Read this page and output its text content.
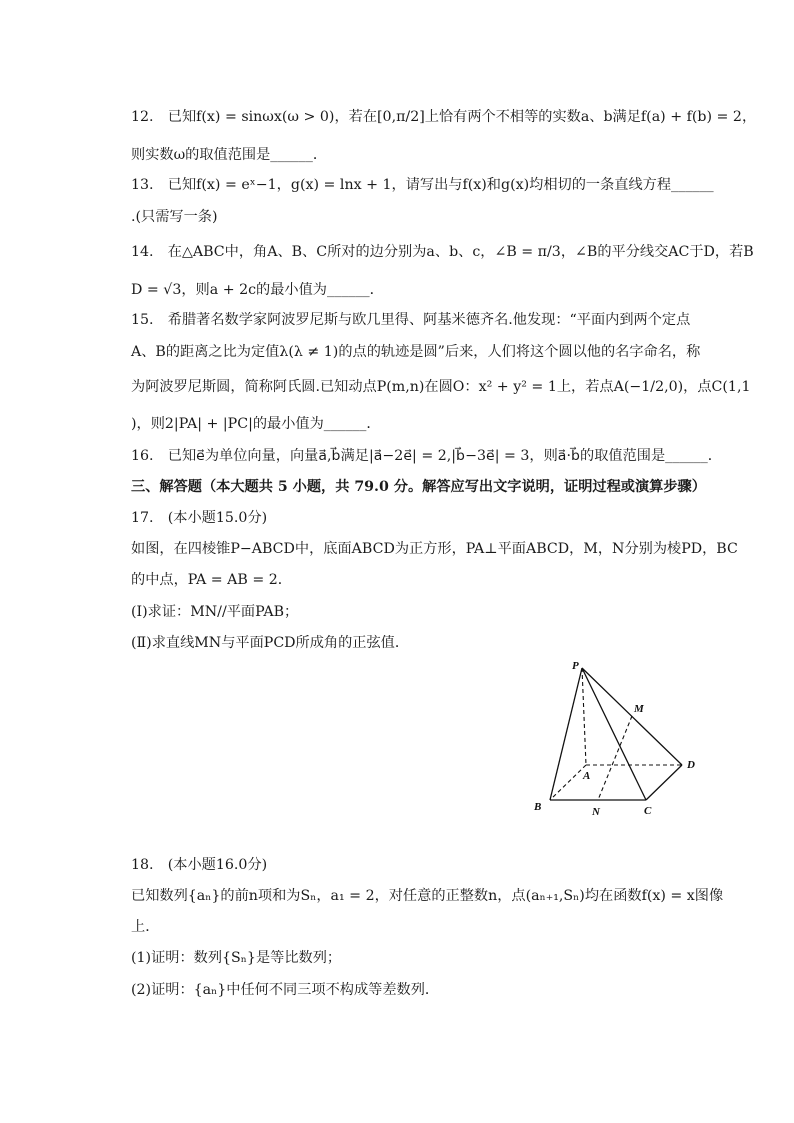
12.　已知f(x) = sinωx(ω > 0)，若在[0,π/2]上恰有两个不相等的实数a、b满足f(a) + f(b) = 2，
则实数ω的取值范围是______．
13.　已知f(x) = eˣ−1，g(x) = lnx + 1，请写出与f(x)和g(x)均相切的一条直线方程______
.(只需写一条)
14.　在△ABC中，角A、B、C所对的边分别为a、b、c，∠B = π/3，∠B的平分线交AC于D，若B
D = √3，则a + 2c的最小值为______．
15.　希腊著名数学家阿波罗尼斯与欧几里得、阿基米德齐名.他发现：“平面内到两个定点
A、B的距离之比为定值λ(λ ≠ 1)的点的轨迹是圆”后来，人们将这个圆以他的名字命名，称
为阿波罗尼斯圆，简称阿氏圆.已知动点P(m,n)在圆O：x² + y² = 1上，若点A(−1/2,0)，点C(1,1
)，则2|PA| + |PC|的最小值为______．
16.　已知e⃗为单位向量，向量a⃗,b⃗满足|a⃗−2e⃗| = 2,|b⃗−3e⃗| = 3，则a⃗·b⃗的取值范围是______．
三、解答题（本大题共 5 小题，共 79.0 分。解答应写出文字说明，证明过程或演算步骤）
17.　(本小题15.0分)
如图，在四棱锥P−ABCD中，底面ABCD为正方形，PA⊥平面ABCD，M，N分别为棱PD，BC
的中点，PA = AB = 2．
(Ⅰ)求证：MN//平面PAB；
(Ⅱ)求直线MN与平面PCD所成角的正弦值．
P
M
A
D
B	N	C
18.　(本小题16.0分)
已知数列{aₙ}的前n项和为Sₙ，a₁ = 2，对任意的正整数n，点(aₙ₊₁,Sₙ)均在函数f(x) = x图像
上．
(1)证明：数列{Sₙ}是等比数列；
(2)证明：{aₙ}中任何不同三项不构成等差数列．
